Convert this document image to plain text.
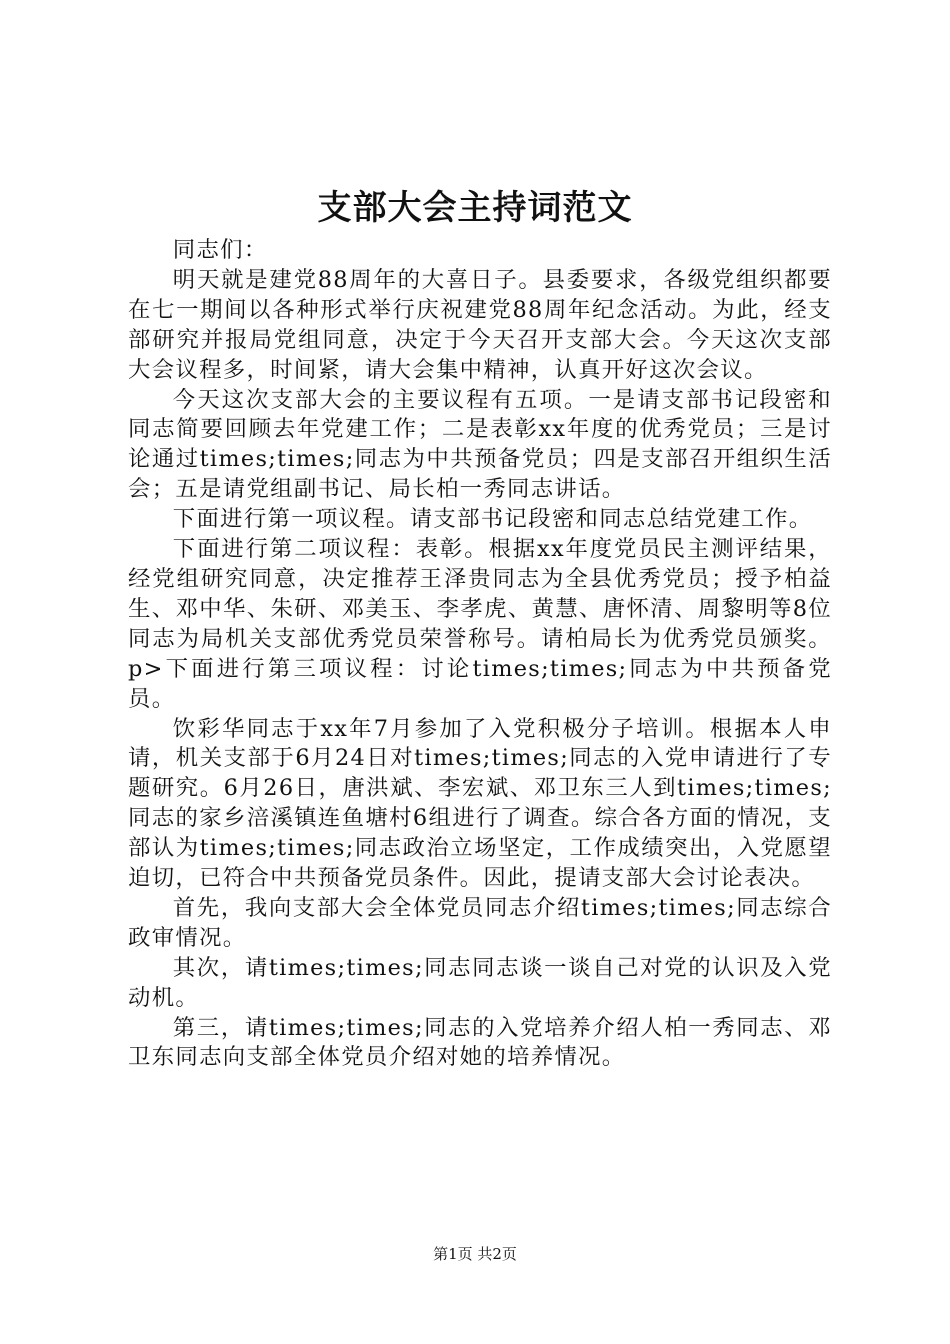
支部大会主持词范文

同志们：

明天就是建党88周年的大喜日子。县委要求，各级党组织都要在七一期间以各种形式举行庆祝建党88周年纪念活动。为此，经支部研究并报局党组同意，决定于今天召开支部大会。今天这次支部大会议程多，时间紧，请大会集中精神，认真开好这次会议。

今天这次支部大会的主要议程有五项。一是请支部书记段密和同志简要回顾去年党建工作；二是表彰xx年度的优秀党员；三是讨论通过times;times;同志为中共预备党员；四是支部召开组织生活会；五是请党组副书记、局长柏一秀同志讲话。

下面进行第一项议程。请支部书记段密和同志总结党建工作。

下面进行第二项议程：表彰。根据xx年度党员民主测评结果，经党组研究同意，决定推荐王泽贵同志为全县优秀党员；授予柏益生、邓中华、朱研、邓美玉、李孝虎、黄慧、唐怀清、周黎明等8位同志为局机关支部优秀党员荣誉称号。请柏局长为优秀党员颁奖。p>下面进行第三项议程：讨论times;times;同志为中共预备党员。

饮彩华同志于xx年7月参加了入党积极分子培训。根据本人申请，机关支部于6月24日对times;times;同志的入党申请进行了专题研究。6月26日，唐洪斌、李宏斌、邓卫东三人到times;times;同志的家乡涪溪镇连鱼塘村6组进行了调查。综合各方面的情况，支部认为times;times;同志政治立场坚定，工作成绩突出，入党愿望迫切，已符合中共预备党员条件。因此，提请支部大会讨论表决。

首先，我向支部大会全体党员同志介绍times;times;同志综合政审情况。

其次，请times;times;同志同志谈一谈自己对党的认识及入党动机。

第三，请times;times;同志的入党培养介绍人柏一秀同志、邓卫东同志向支部全体党员介绍对她的培养情况。

第1页 共2页
